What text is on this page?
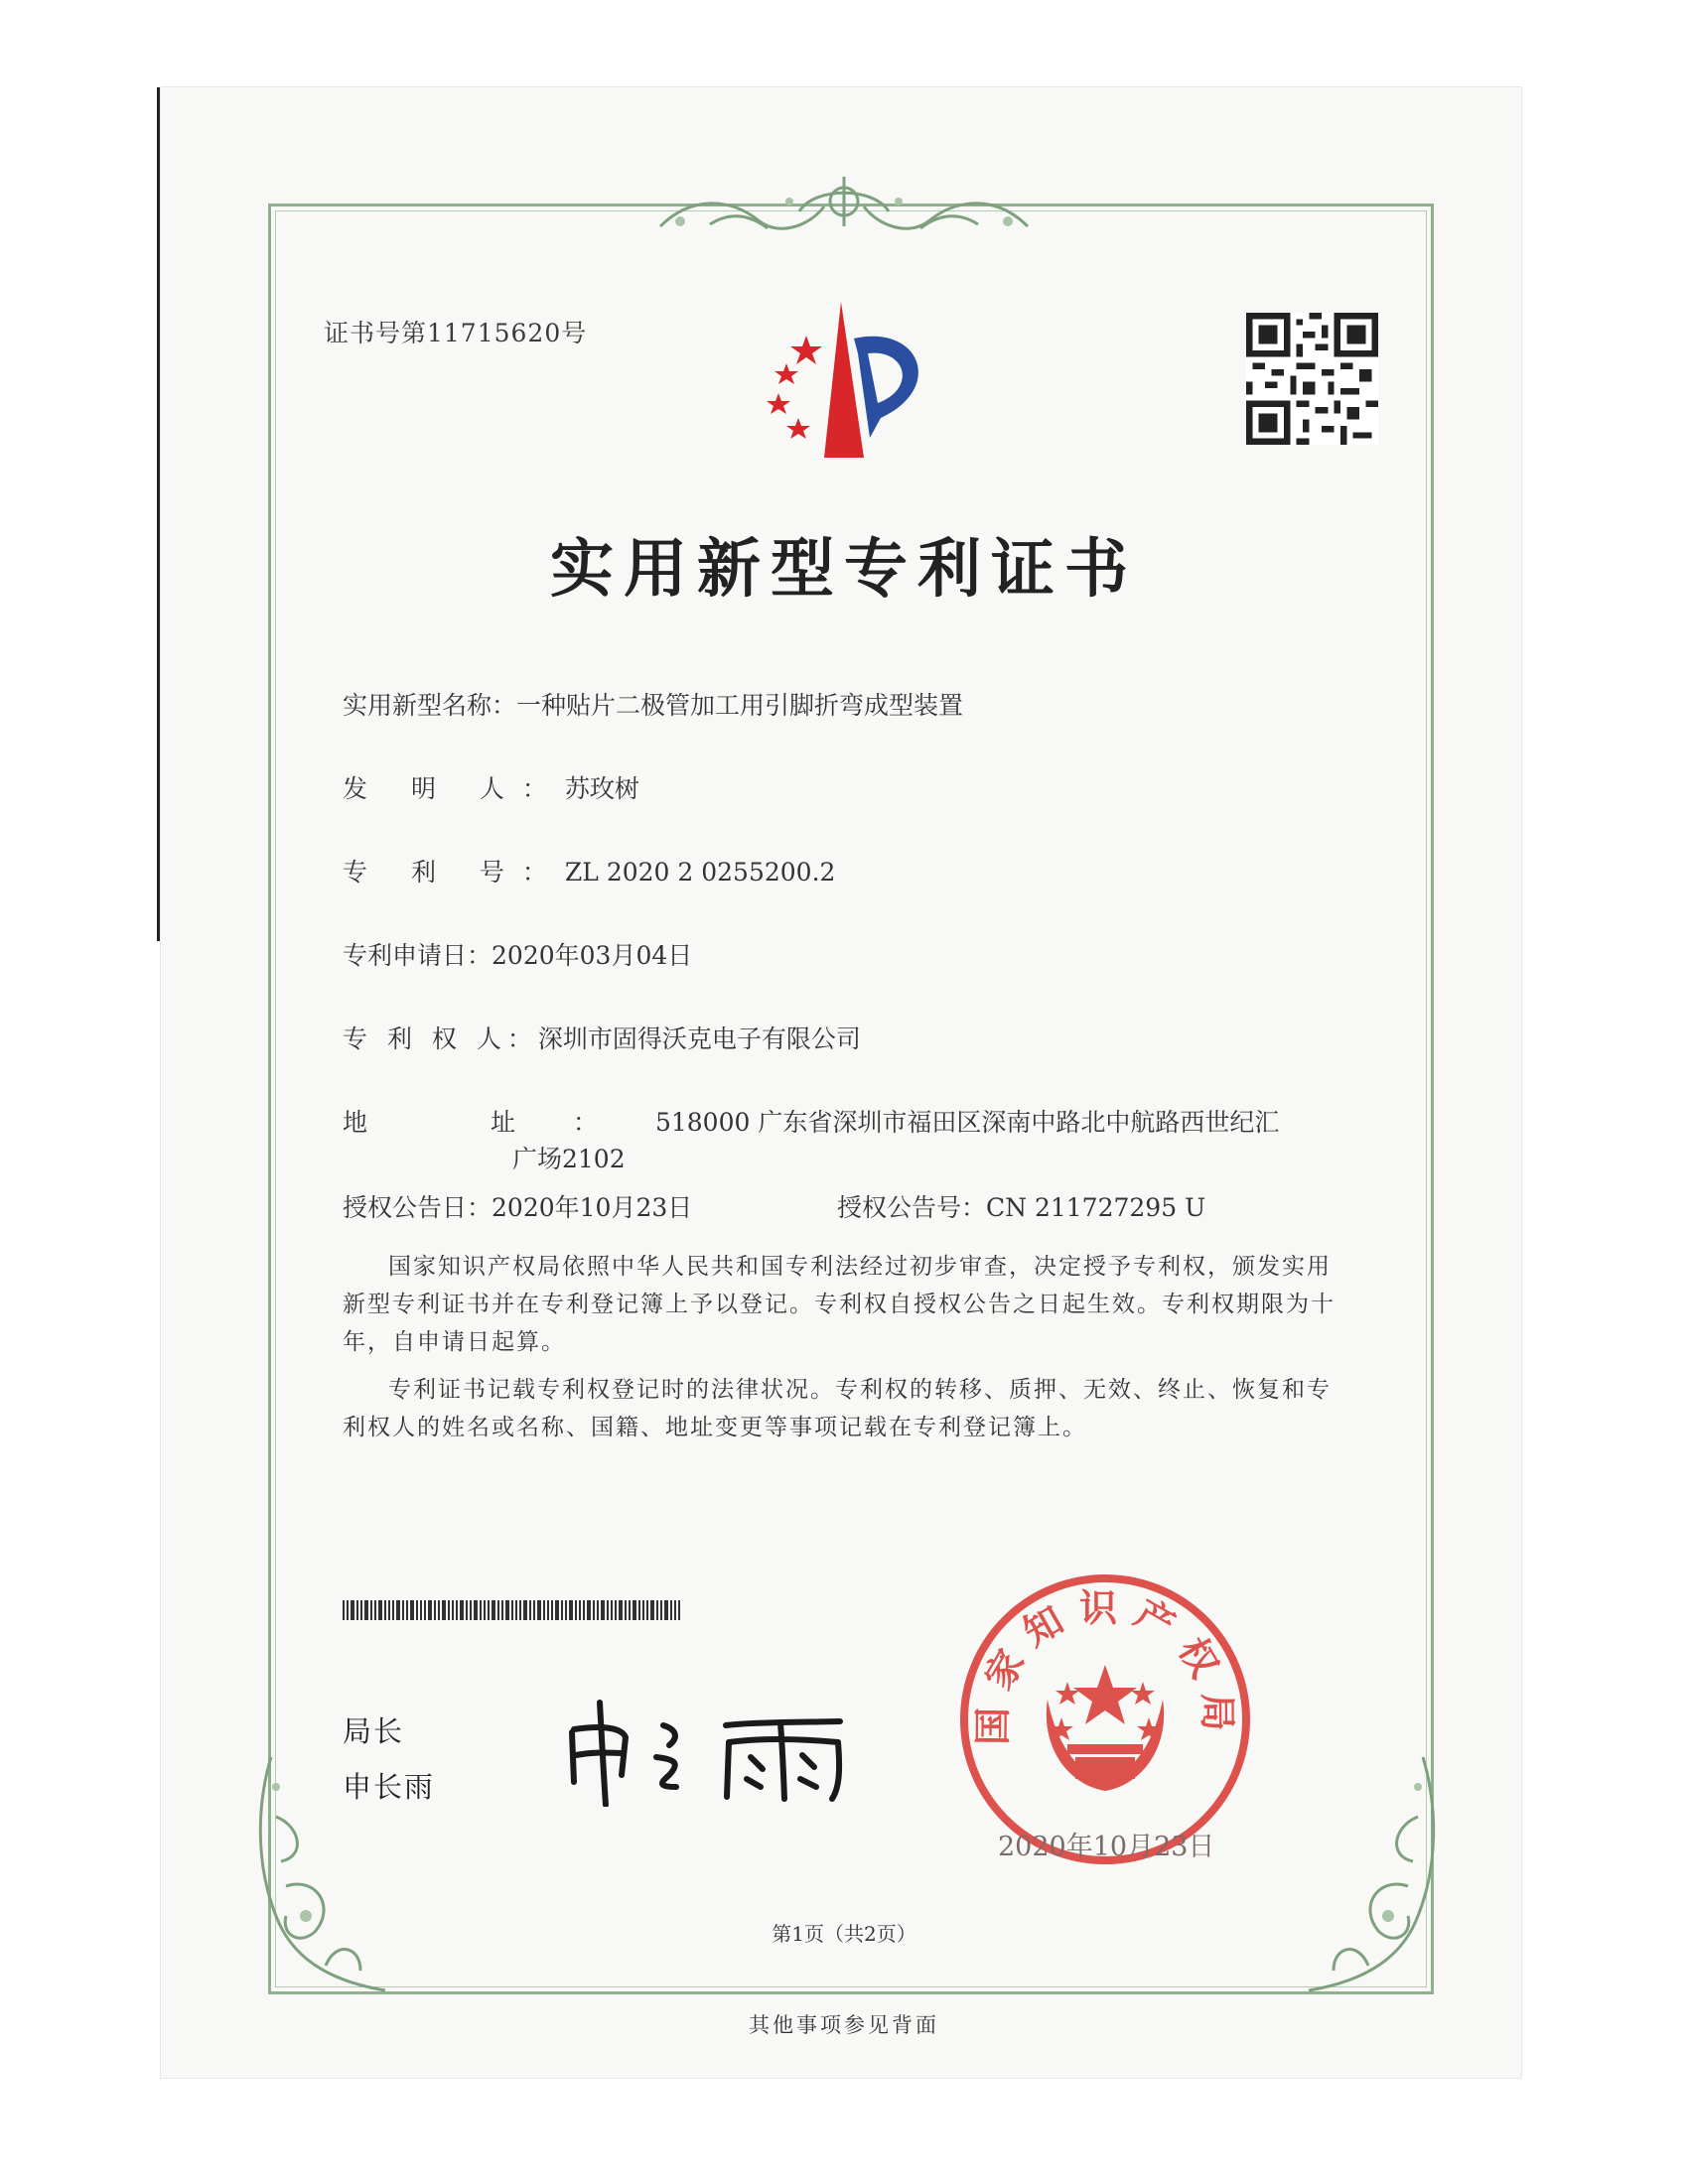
证书号第11715620号
实用新型专利证书
实用新型名称：一种贴片二极管加工用引脚折弯成型装置
发 明 人：苏玫树
专 利 号：ZL 2020 2 0255200.2
专利申请日：2020年03月04日
专 利 权 人：深圳市固得沃克电子有限公司
地 址：518000 广东省深圳市福田区深南中路北中航路西世纪汇
广场2102
授权公告日：2020年10月23日	授权公告号：CN 211727295 U
国家知识产权局依照中华人民共和国专利法经过初步审查，决定授予专利权，颁发实用新型专利证书并在专利登记簿上予以登记。专利权自授权公告之日起生效。专利权期限为十年，自申请日起算。
专利证书记载专利权登记时的法律状况。专利权的转移、质押、无效、终止、恢复和专利权人的姓名或名称、国籍、地址变更等事项记载在专利登记簿上。
局长
申长雨
国家知识产权局
2020年10月23日
第1页（共2页）
其他事项参见背面
